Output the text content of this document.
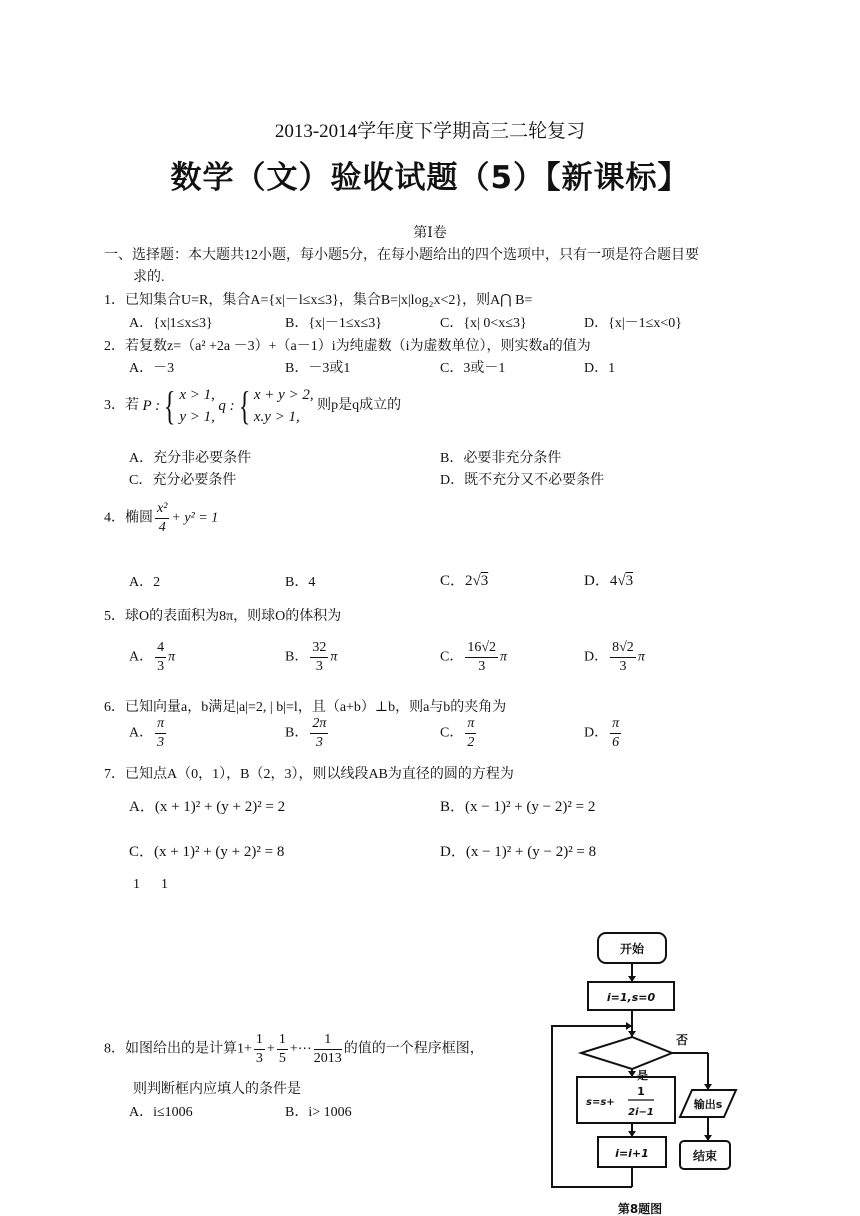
2013-2014学年度下学期高三二轮复习
数学（文）验收试题（5）【新课标】
第Ⅰ卷
一、选择题：本大题共12小题，每小题5分，在每小题给出的四个选项中，只有一项是符合题目要
求的.
1．已知集合U=R，集合A={x|－l≤x≤3}，集合B=|x|log₂x<2}，则A⋂ B=
A．{x|1≤x≤3}	B．{x|－1≤x≤3}	C．{x| 0<x≤3}	D．{x|－1≤x<0}
2．若复数z=（a² +2a －3）+（a－1）i为纯虚数（i为虚数单位），则实数a的值为
A．－3	B．－3或1	C．3或－1	D．1
3．若 P :{ x > 1,
y > 1,
q :{ x + y > 2,
x.y > 1,
则p是q成立的
A．充分非必要条件	B．必要非充分条件
C．充分必要条件	D．既不充分又不必要条件
4．椭圆 $\frac{\text{x²}}{4} + y^2 = 1$
A．2	B．4	C．2√3	D．4√3
5．球O的表面积为8π，则球O的体积为
A． $\frac{4}{3}$ π	B． $\frac{32}{3}$ π	C． $\frac{16√2}{3}$ π	D． $\frac{8√2}{3}$ π
6．已知向量a，b满足|a|=2, | b|=l，且（a+b）⊥b，则a与b的夹角为
A． $\frac{\pi}{3}$	B． $\frac{2\pi}{3}$	C． $\frac{\pi}{2}$	D． $\frac{\pi}{6}$
7．已知点A（0，1），B（2，3），则以线段AB为直径的圆的方程为
A．(x + 1)² + (y + 2)² = 2	B．(x − 1)² + (y − 2)² = 2
C．(x + 1)² + (y + 2)² = 8	D．(x − 1)² + (y − 2)² = 8
1      1
8．如图给出的是计算$1+ \frac{1}{3} + \frac{1}{5}$ +⋯ $\frac{1}{2013}$ 的值的一个程序框图，
则判断框内应填人的条件是
A．i≤1006	B．i> 1006
开始
i=1,s=0
否
是
s=s+
1
2i−1
输出s
结束
i=i+1
第8题图
